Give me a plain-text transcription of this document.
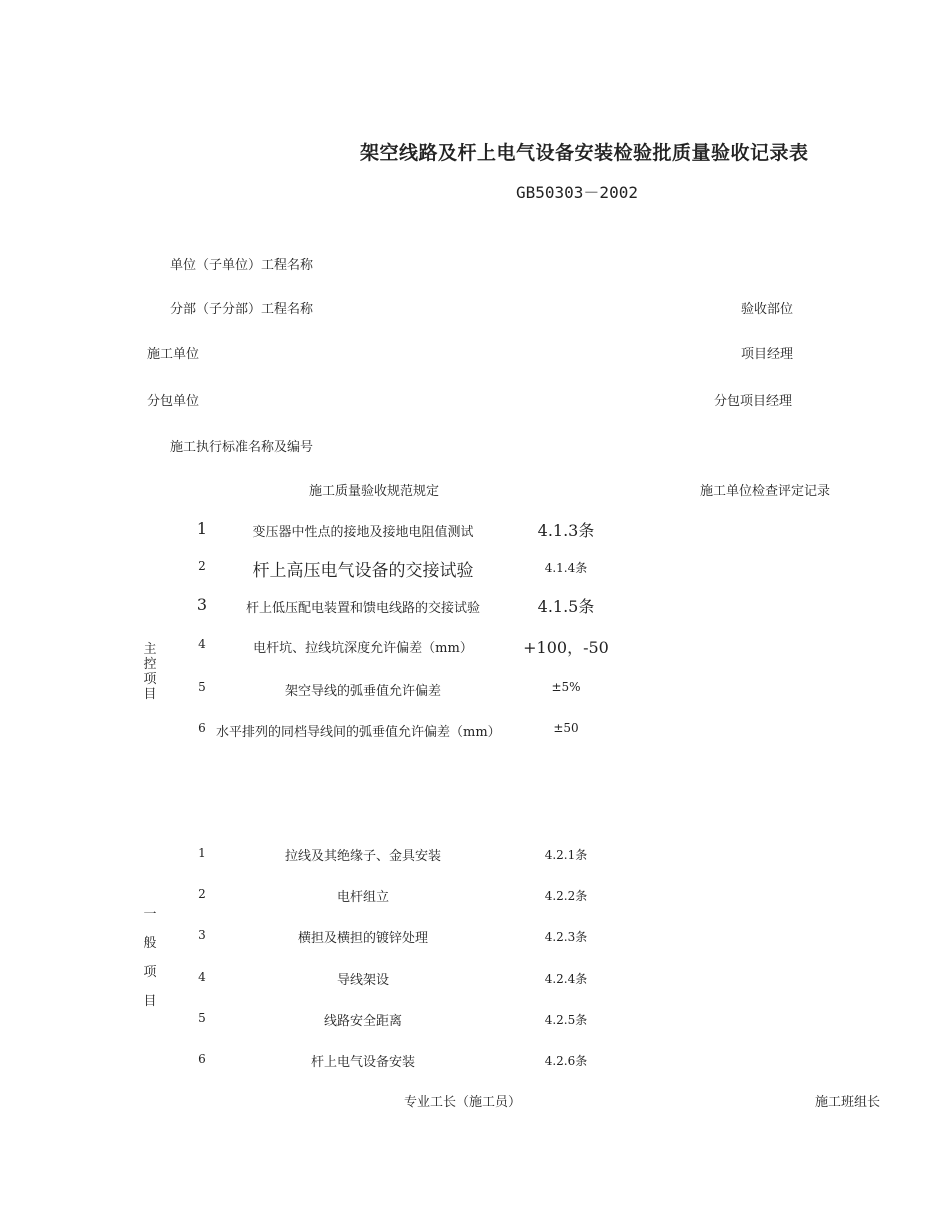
架空线路及杆上电气设备安装检验批质量验收记录表
GB50303－2002
单位（子单位）工程名称
分部（子分部）工程名称	验收部位
施工单位	项目经理
分包单位	分包项目经理
施工执行标准名称及编号
施工质量验收规范规定	施工单位检查评定记录
主控项目
1	变压器中性点的接地及接地电阻值测试	4.1.3条
2	杆上高压电气设备的交接试验	4.1.4条
3	杆上低压配电装置和馈电线路的交接试验	4.1.5条
4	电杆坑、拉线坑深度允许偏差（mm）	+100，-50
5	架空导线的弧垂值允许偏差	±5%
6 水平排列的同档导线间的弧垂值允许偏差（mm）	±50
一般项目
1	拉线及其绝缘子、金具安装	4.2.1条
2	电杆组立	4.2.2条
3	横担及横担的镀锌处理	4.2.3条
4	导线架设	4.2.4条
5	线路安全距离	4.2.5条
6	杆上电气设备安装	4.2.6条
专业工长（施工员）	施工班组长
